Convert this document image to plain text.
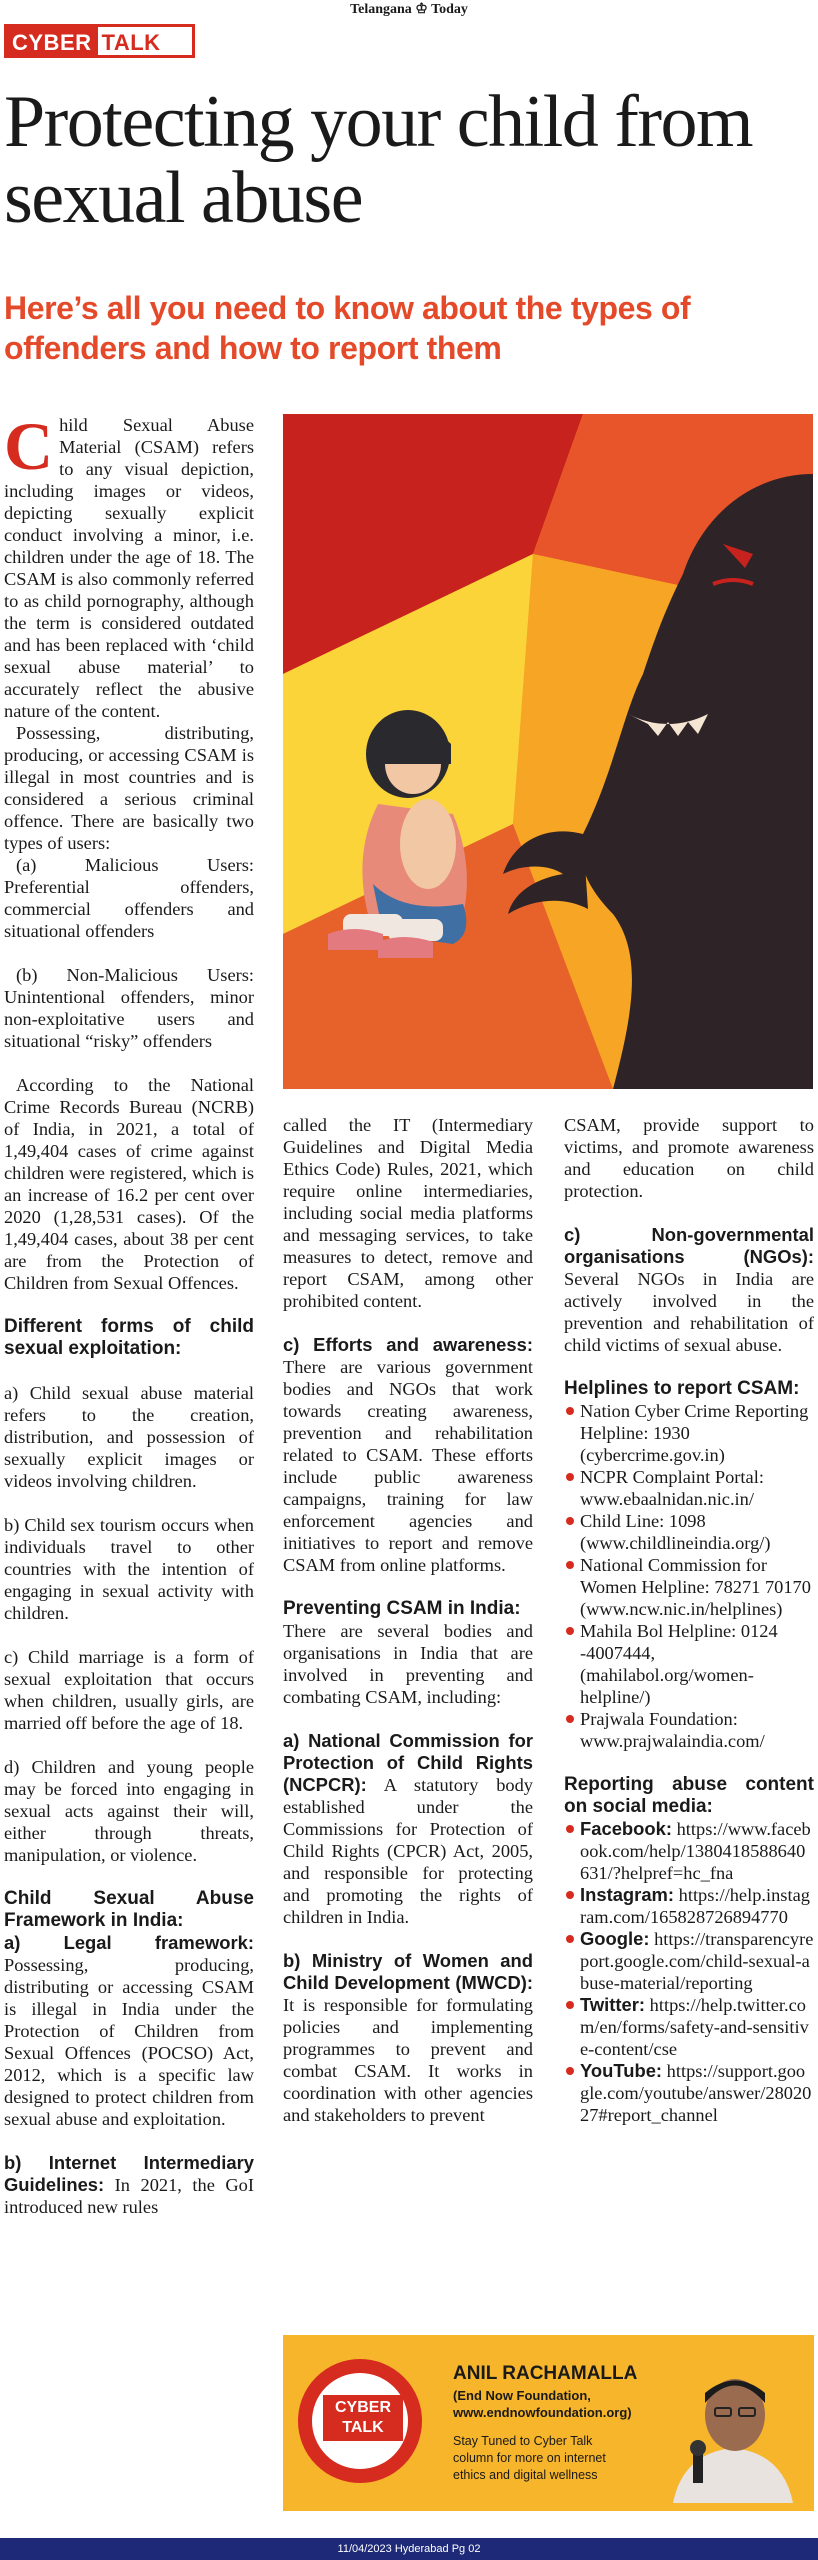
Telangana ♔ Today
CYBER TALK
Protecting your child from sexual abuse
Here’s all you need to know about the types of offenders and how to report them

Child Sexual Abuse Material (CSAM) refers to any visual depiction, including images or videos, depicting sexually explicit conduct involving a minor, i.e. children under the age of 18. The CSAM is also commonly referred to as child pornography, although the term is considered outdated and has been replaced with ‘child sexual abuse material’ to accurately reflect the abusive nature of the content.

Possessing, distributing, producing, or accessing CSAM is illegal in most countries and is considered a serious criminal offence. There are basically two types of users:

(a) Malicious Users: Preferential offenders, commercial offenders and situational offenders

(b) Non-Malicious Users: Unintentional offenders, minor non-exploitative users and situational “risky” offenders

According to the National Crime Records Bureau (NCRB) of India, in 2021, a total of 1,49,404 cases of crime against children were registered, which is an increase of 16.2 per cent over 2020 (1,28,531 cases). Of the 1,49,404 cases, about 38 per cent are from the Protection of Children from Sexual Offences.

Different forms of child sexual exploitation:

a) Child sexual abuse material refers to the creation, distribution, and possession of sexually explicit images or videos involving children.

b) Child sex tourism occurs when individuals travel to other countries with the intention of engaging in sexual activity with children.

c) Child marriage is a form of sexual exploitation that occurs when children, usually girls, are married off before the age of 18.

d) Children and young people may be forced into engaging in sexual acts against their will, either through threats, manipulation, or violence.

Child Sexual Abuse Framework in India:

a) Legal framework: Possessing, producing, distributing or accessing CSAM is illegal in India under the Protection of Children from Sexual Offences (POCSO) Act, 2012, which is a specific law designed to protect children from sexual abuse and exploitation.

b) Internet Intermediary Guidelines: In 2021, the GoI introduced new rules

called the IT (Intermediary Guidelines and Digital Media Ethics Code) Rules, 2021, which require online intermediaries, including social media platforms and messaging services, to take measures to detect, remove and report CSAM, among other prohibited content.

c) Efforts and awareness: There are various government bodies and NGOs that work towards creating awareness, prevention and rehabilitation related to CSAM. These efforts include public awareness campaigns, training for law enforcement agencies and initiatives to report and remove CSAM from online platforms.

Preventing CSAM in India:

There are several bodies and organisations in India that are involved in preventing and combating CSAM, including:

a) National Commission for Protection of Child Rights (NCPCR): A statutory body established under the Commissions for Protection of Child Rights (CPCR) Act, 2005, and responsible for protecting and promoting the rights of children in India.

b) Ministry of Women and Child Development (MWCD): It is responsible for formulating policies and implementing programmes to prevent and combat CSAM. It works in coordination with other agencies and stakeholders to prevent

CSAM, provide support to victims, and promote awareness and education on child protection.

c) Non-governmental organisations (NGOs): Several NGOs in India are actively involved in the prevention and rehabilitation of child victims of sexual abuse.

Helplines to report CSAM:
Nation Cyber Crime Reporting Helpline: 1930 (cybercrime.gov.in)
NCPR Complaint Portal: www.ebaalnidan.nic.in/
Child Line: 1098 (www.childlineindia.org/)
National Commission for Women Helpline: 78271 70170 (www.ncw.nic.in/helplines)
Mahila Bol Helpline: 0124 -4007444, (mahilabol.org/women-helpline/)
Prajwala Foundation: www.prajwalaindia.com/
Reporting abuse content on social media:
Facebook: https://www.facebook.com/help/1380418588640631/?helpref=hc_fna
Instagram: https://help.instagram.com/165828726894770
Google: https://transparencyreport.google.com/child-sexual-abuse-material/reporting
Twitter: https://help.twitter.com/en/forms/safety-and-sensitive-content/cse
YouTube: https://support.google.com/youtube/answer/2802027#report_channel
CYBER
TALK
ANIL RACHAMALLA
(End Now Foundation, www.endnowfoundation.org)
Stay Tuned to Cyber Talk column for more on internet ethics and digital wellness
11/04/2023 Hyderabad Pg 02
